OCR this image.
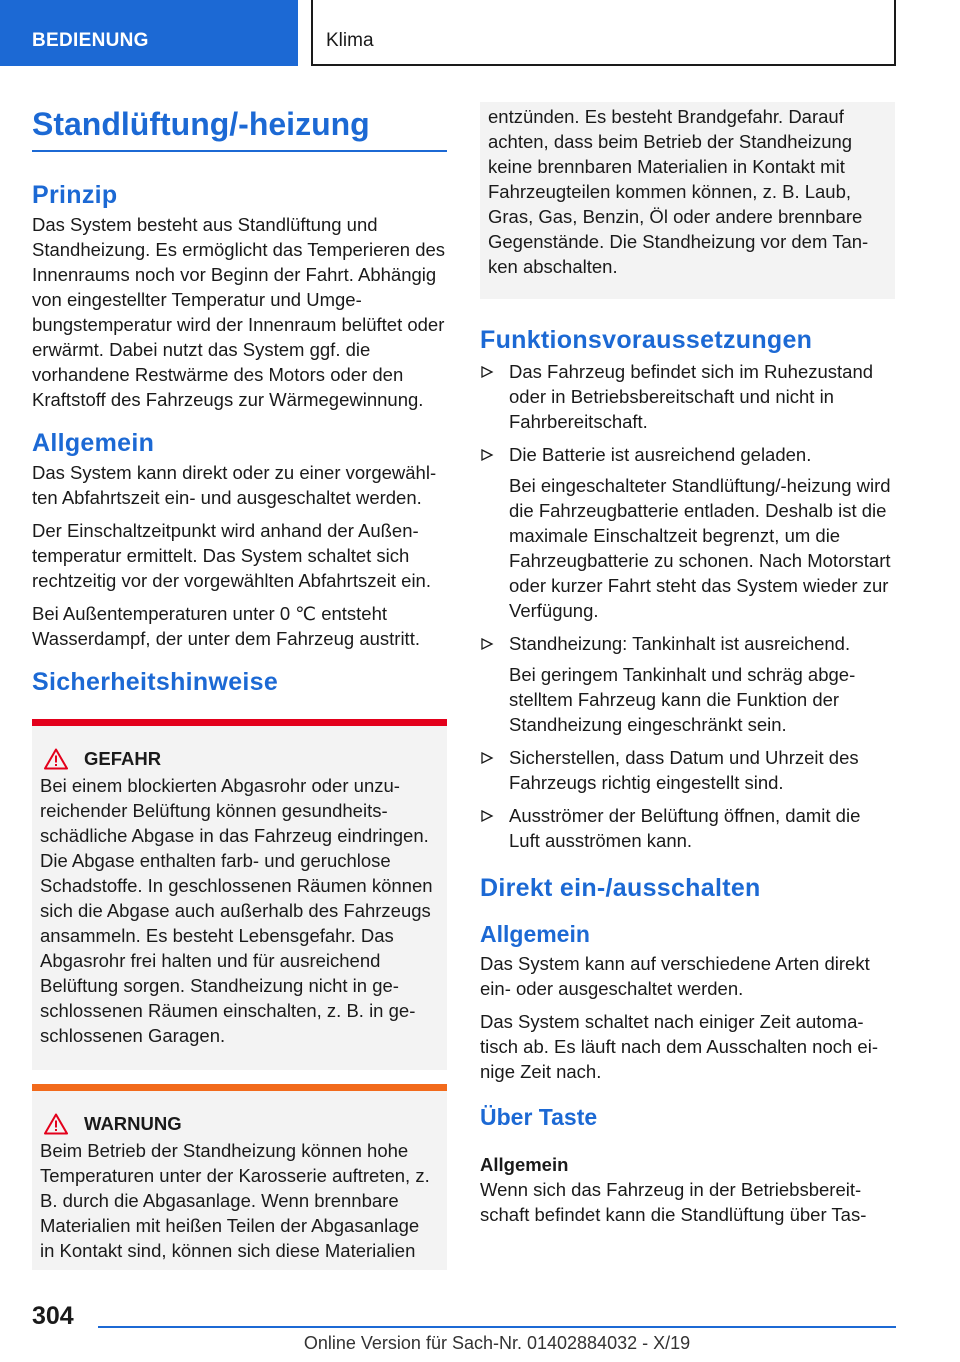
BEDIENUNG	Klima
Standlüftung/-heizung
Prinzip

Das System besteht aus Standlüftung und Standheizung. Es ermöglicht das Temperieren des Innenraums noch vor Beginn der Fahrt. Abhängig von eingestellter Temperatur und Umgebungstemperatur wird der Innenraum belüftet oder erwärmt. Dabei nutzt das System ggf. die vorhandene Restwärme des Motors oder den Kraftstoff des Fahrzeugs zur Wärmegewinnung.

Allgemein

Das System kann direkt oder zu einer vorgewählten Abfahrtszeit ein- und ausgeschaltet werden.

Der Einschaltzeitpunkt wird anhand der Außentemperatur ermittelt. Das System schaltet sich rechtzeitig vor der vorgewählten Abfahrtszeit ein.

Bei Außentemperaturen unter 0 ℃ entsteht Wasserdampf, der unter dem Fahrzeug austritt.

Sicherheitshinweise
GEFAHR

Bei einem blockierten Abgasrohr oder unzureichender Belüftung können gesundheitsschädliche Abgase in das Fahrzeug eindringen. Die Abgase enthalten farb- und geruchlose Schadstoffe. In geschlossenen Räumen können sich die Abgase auch außerhalb des Fahrzeugs ansammeln. Es besteht Lebensgefahr. Das Abgasrohr frei halten und für ausreichend Belüftung sorgen. Standheizung nicht in geschlossenen Räumen einschalten, z. B. in geschlossenen Garagen.

WARNUNG

Beim Betrieb der Standheizung können hohe Temperaturen unter der Karosserie auftreten, z. B. durch die Abgasanlage. Wenn brennbare Materialien mit heißen Teilen der Abgasanlage in Kontakt sind, können sich diese Materialien

entzünden. Es besteht Brandgefahr. Darauf achten, dass beim Betrieb der Standheizung keine brennbaren Materialien in Kontakt mit Fahrzeugteilen kommen können, z. B. Laub, Gras, Gas, Benzin, Öl oder andere brennbare Gegenstände. Die Standheizung vor dem Tanken abschalten.

Funktionsvoraussetzungen
Das Fahrzeug befindet sich im Ruhezustand oder in Betriebsbereitschaft und nicht in Fahrbereitschaft.
Die Batterie ist ausreichend geladen.

Bei eingeschalteter Standlüftung/-heizung wird die Fahrzeugbatterie entladen. Deshalb ist die maximale Einschaltzeit begrenzt, um die Fahrzeugbatterie zu schonen. Nach Motorstart oder kurzer Fahrt steht das System wieder zur Verfügung.

Standheizung: Tankinhalt ist ausreichend.

Bei geringem Tankinhalt und schräg abgestelltem Fahrzeug kann die Funktion der Standheizung eingeschränkt sein.

Sicherstellen, dass Datum und Uhrzeit des Fahrzeugs richtig eingestellt sind.
Ausströmer der Belüftung öffnen, damit die Luft ausströmen kann.
Direkt ein-/ausschalten
Allgemein

Das System kann auf verschiedene Arten direkt ein- oder ausgeschaltet werden.

Das System schaltet nach einiger Zeit automatisch ab. Es läuft nach dem Ausschalten noch einige Zeit nach.

Über Taste
Allgemein

Wenn sich das Fahrzeug in der Betriebsbereitschaft befindet kann die Standlüftung über Tas-

304
Online Version für Sach-Nr. 01402884032 - X/19
